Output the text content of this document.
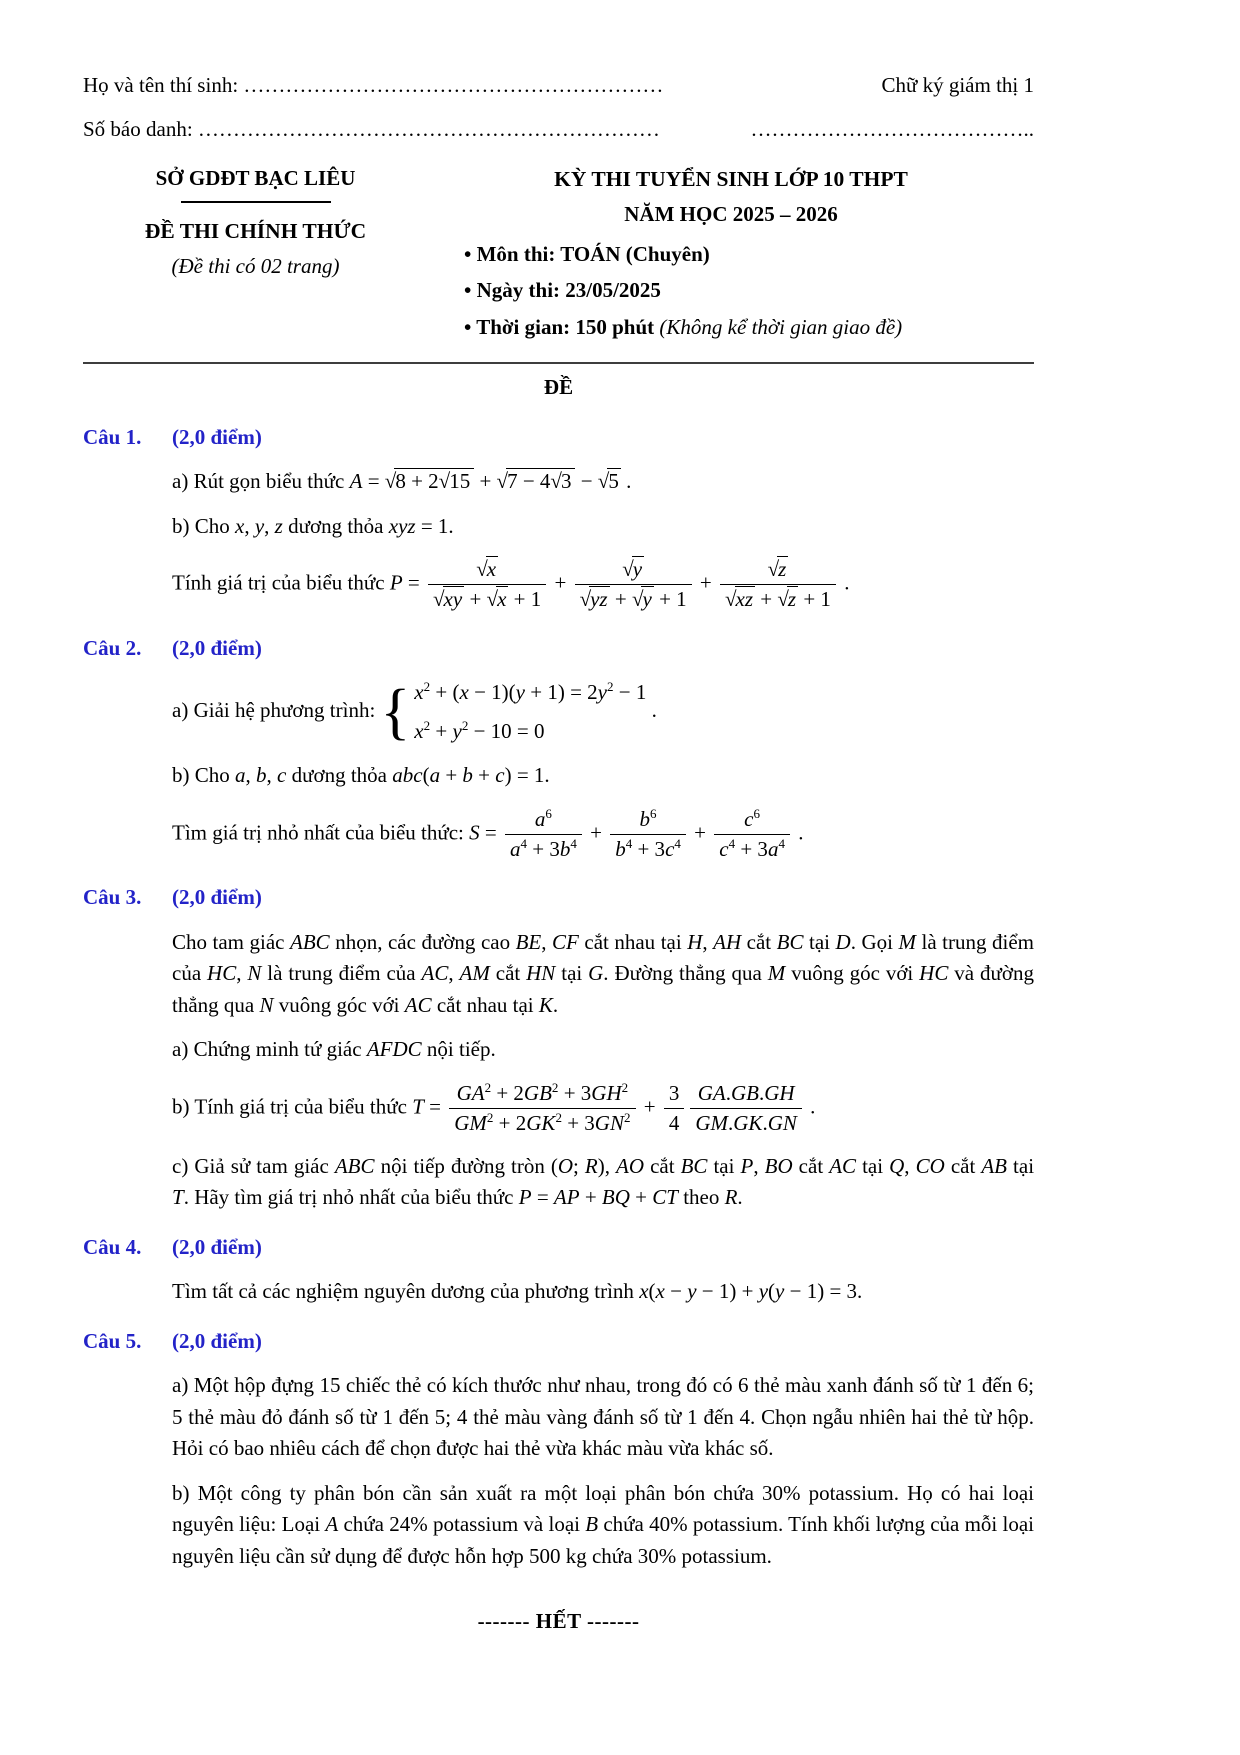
Họ và tên thí sinh: ……………………………………………………	Chữ ký giám thị 1
Số báo danh: …………………………………………………………	…………………………………..
SỞ GDĐT BẠC LIÊU
ĐỀ THI CHÍNH THỨC
(Đề thi có 02 trang)
KỲ THI TUYỂN SINH LỚP 10 THPT
NĂM HỌC 2025 – 2026
• Môn thi: TOÁN (Chuyên)
• Ngày thi: 23/05/2025
• Thời gian: 150 phút (Không kể thời gian giao đề)
ĐỀ
Câu 1. (2,0 điểm)

a) Rút gọn biểu thức A = √8 + 2√15 + √7 − 4√3 − √5 .

b) Cho x, y, z dương thỏa xyz = 1.

Tính giá trị của biểu thức $P = \frac{√x}{√xy + √x + 1} + \frac{√y}{√yz + √y + 1} + \frac{√z}{√xz + √z + 1}$ .

Câu 2. (2,0 điểm)

a) Giải hệ phương trình: { $x^2 + (x - 1)(y + 1) = 2y^2 - 1$
$x^2 + y^2 - 10 = 0$
.

b) Cho a, b, c dương thỏa abc(a + b + c) = 1.

Tìm giá trị nhỏ nhất của biểu thức: $S = \frac{a^6}{a^4 + 3b^4} + \frac{b^6}{b^4 + 3c^4} + \frac{c^6}{c^4 + 3a^4}$ .

Câu 3. (2,0 điểm)

Cho tam giác ABC nhọn, các đường cao BE, CF cắt nhau tại H, AH cắt BC tại D. Gọi M là trung điểm của HC, N là trung điểm của AC, AM cắt HN tại G. Đường thẳng qua M vuông góc với HC và đường thẳng qua N vuông góc với AC cắt nhau tại K.

a) Chứng minh tứ giác AFDC nội tiếp.

b) Tính giá trị của biểu thức $T = \frac{GA^2 + 2GB^2 + 3GH^2}{GM^2 + 2GK^2 + 3GN^2} + \frac{3}{4} \frac{GA.GB.GH}{GM.GK.GN}$ .

c) Giả sử tam giác ABC nội tiếp đường tròn (O; R), AO cắt BC tại P, BO cắt AC tại Q, CO cắt AB tại T. Hãy tìm giá trị nhỏ nhất của biểu thức P = AP + BQ + CT theo R.

Câu 4. (2,0 điểm)

Tìm tất cả các nghiệm nguyên dương của phương trình x(x − y − 1) + y(y − 1) = 3.

Câu 5. (2,0 điểm)

a) Một hộp đựng 15 chiếc thẻ có kích thước như nhau, trong đó có 6 thẻ màu xanh đánh số từ 1 đến 6; 5 thẻ màu đỏ đánh số từ 1 đến 5; 4 thẻ màu vàng đánh số từ 1 đến 4. Chọn ngẫu nhiên hai thẻ từ hộp. Hỏi có bao nhiêu cách để chọn được hai thẻ vừa khác màu vừa khác số.

b) Một công ty phân bón cần sản xuất ra một loại phân bón chứa 30% potassium. Họ có hai loại nguyên liệu: Loại A chứa 24% potassium và loại B chứa 40% potassium. Tính khối lượng của mỗi loại nguyên liệu cần sử dụng để được hỗn hợp 500 kg chứa 30% potassium.

------- HẾT -------
